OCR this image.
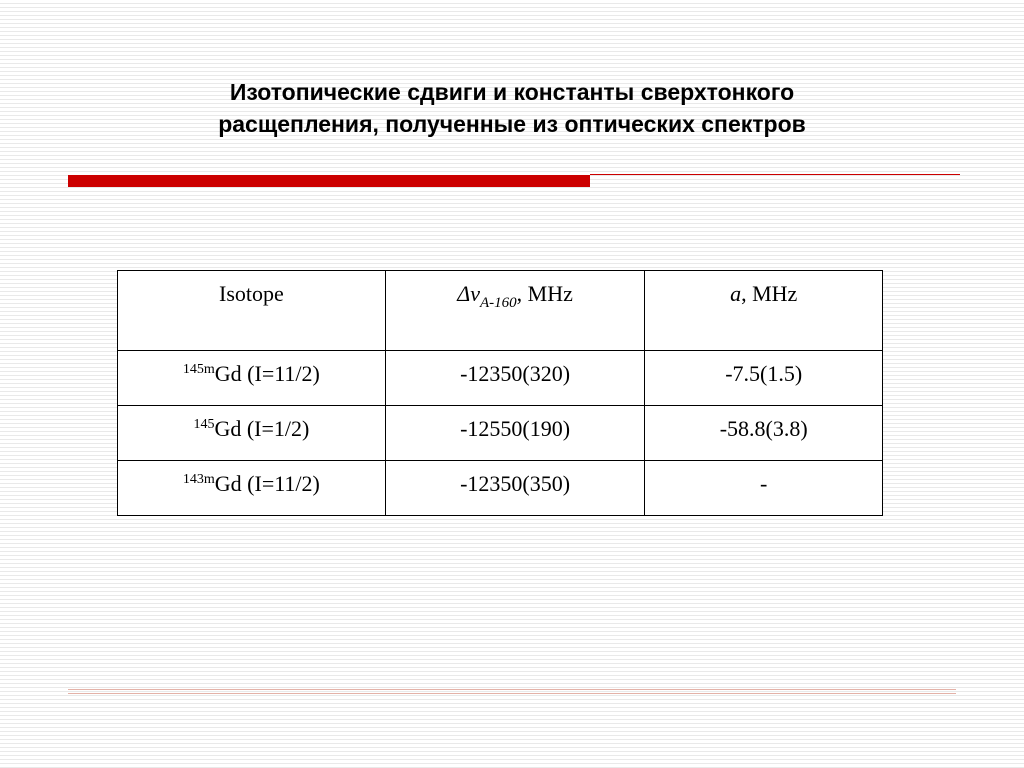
Изотопические сдвиги и константы сверхтонкого
расщепления, полученные из оптических спектров
Isotope	$\Delta\nu_{A-160}$, MHz	a, MHz
$^{145m}$Gd (I=11/2)	-12350(320)	-7.5(1.5)
$^{145}$Gd (I=1/2)	-12550(190)	-58.8(3.8)
$^{143m}$Gd (I=11/2)	-12350(350)	-
